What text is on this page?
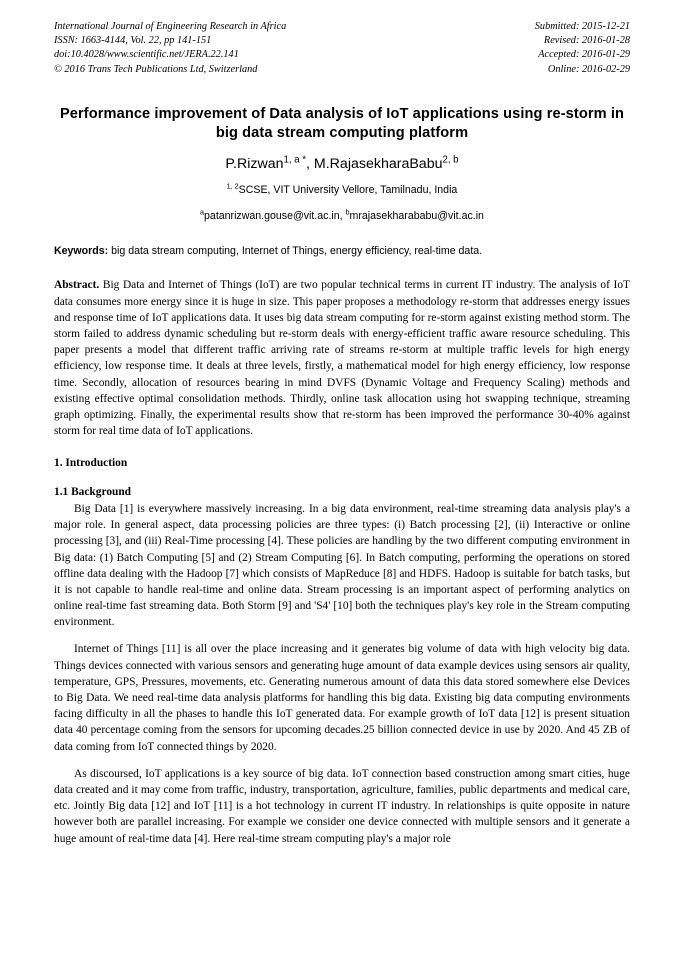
International Journal of Engineering Research in Africa
ISSN: 1663-4144, Vol. 22, pp 141-151
doi:10.4028/www.scientific.net/JERA.22.141
© 2016 Trans Tech Publications Ltd, Switzerland
Submitted: 2015-12-21
Revised: 2016-01-28
Accepted: 2016-01-29
Online: 2016-02-29
Performance improvement of Data analysis of IoT applications using re-storm in big data stream computing platform
P.Rizwan$^{1, a *}$, M.RajasekharaBabu$^{2, b}$
$^{1, 2}$SCSE, VIT University Vellore, Tamilnadu, India
$^a$patanrizwan.gouse@vit.ac.in, $^b$mrajasekharababu@vit.ac.in
Keywords: big data stream computing, Internet of Things, energy efficiency, real-time data.

Abstract. Big Data and Internet of Things (IoT) are two popular technical terms in current IT industry. The analysis of IoT data consumes more energy since it is huge in size. This paper proposes a methodology re-storm that addresses energy issues and response time of IoT applications data. It uses big data stream computing for re-storm against existing method storm. The storm failed to address dynamic scheduling but re-storm deals with energy-efficient traffic aware resource scheduling. This paper presents a model that different traffic arriving rate of streams re-storm at multiple traffic levels for high energy efficiency, low response time. It deals at three levels, firstly, a mathematical model for high energy efficiency, low response time. Secondly, allocation of resources bearing in mind DVFS (Dynamic Voltage and Frequency Scaling) methods and existing effective optimal consolidation methods. Thirdly, online task allocation using hot swapping technique, streaming graph optimizing. Finally, the experimental results show that re-storm has been improved the performance 30-40% against storm for real time data of IoT applications.

1. Introduction
1.1 Background

Big Data [1] is everywhere massively increasing. In a big data environment, real-time streaming data analysis play's a major role. In general aspect, data processing policies are three types: (i) Batch processing [2], (ii) Interactive or online processing [3], and (iii) Real-Time processing [4]. These policies are handling by the two different computing environment in Big data: (1) Batch Computing [5] and (2) Stream Computing [6]. In Batch computing, performing the operations on stored offline data dealing with the Hadoop [7] which consists of MapReduce [8] and HDFS. Hadoop is suitable for batch tasks, but it is not capable to handle real-time and online data. Stream processing is an important aspect of performing analytics on online real-time fast streaming data. Both Storm [9] and 'S4' [10] both the techniques play's key role in the Stream computing environment.

Internet of Things [11] is all over the place increasing and it generates big volume of data with high velocity big data. Things devices connected with various sensors and generating huge amount of data example devices using sensors air quality, temperature, GPS, Pressures, movements, etc. Generating numerous amount of data this data stored somewhere else Devices to Big Data. We need real-time data analysis platforms for handling this big data. Existing big data computing environments facing difficulty in all the phases to handle this IoT generated data. For example growth of IoT data [12] is present situation data 40 percentage coming from the sensors for upcoming decades.25 billion connected device in use by 2020. And 45 ZB of data coming from IoT connected things by 2020.

As discoursed, IoT applications is a key source of big data. IoT connection based construction among smart cities, huge data created and it may come from traffic, industry, transportation, agriculture, families, public departments and medical care, etc. Jointly Big data [12] and IoT [11] is a hot technology in current IT industry. In relationships is quite opposite in nature however both are parallel increasing. For example we consider one device connected with multiple sensors and it generate a huge amount of real-time data [4]. Here real-time stream computing play's a major role
